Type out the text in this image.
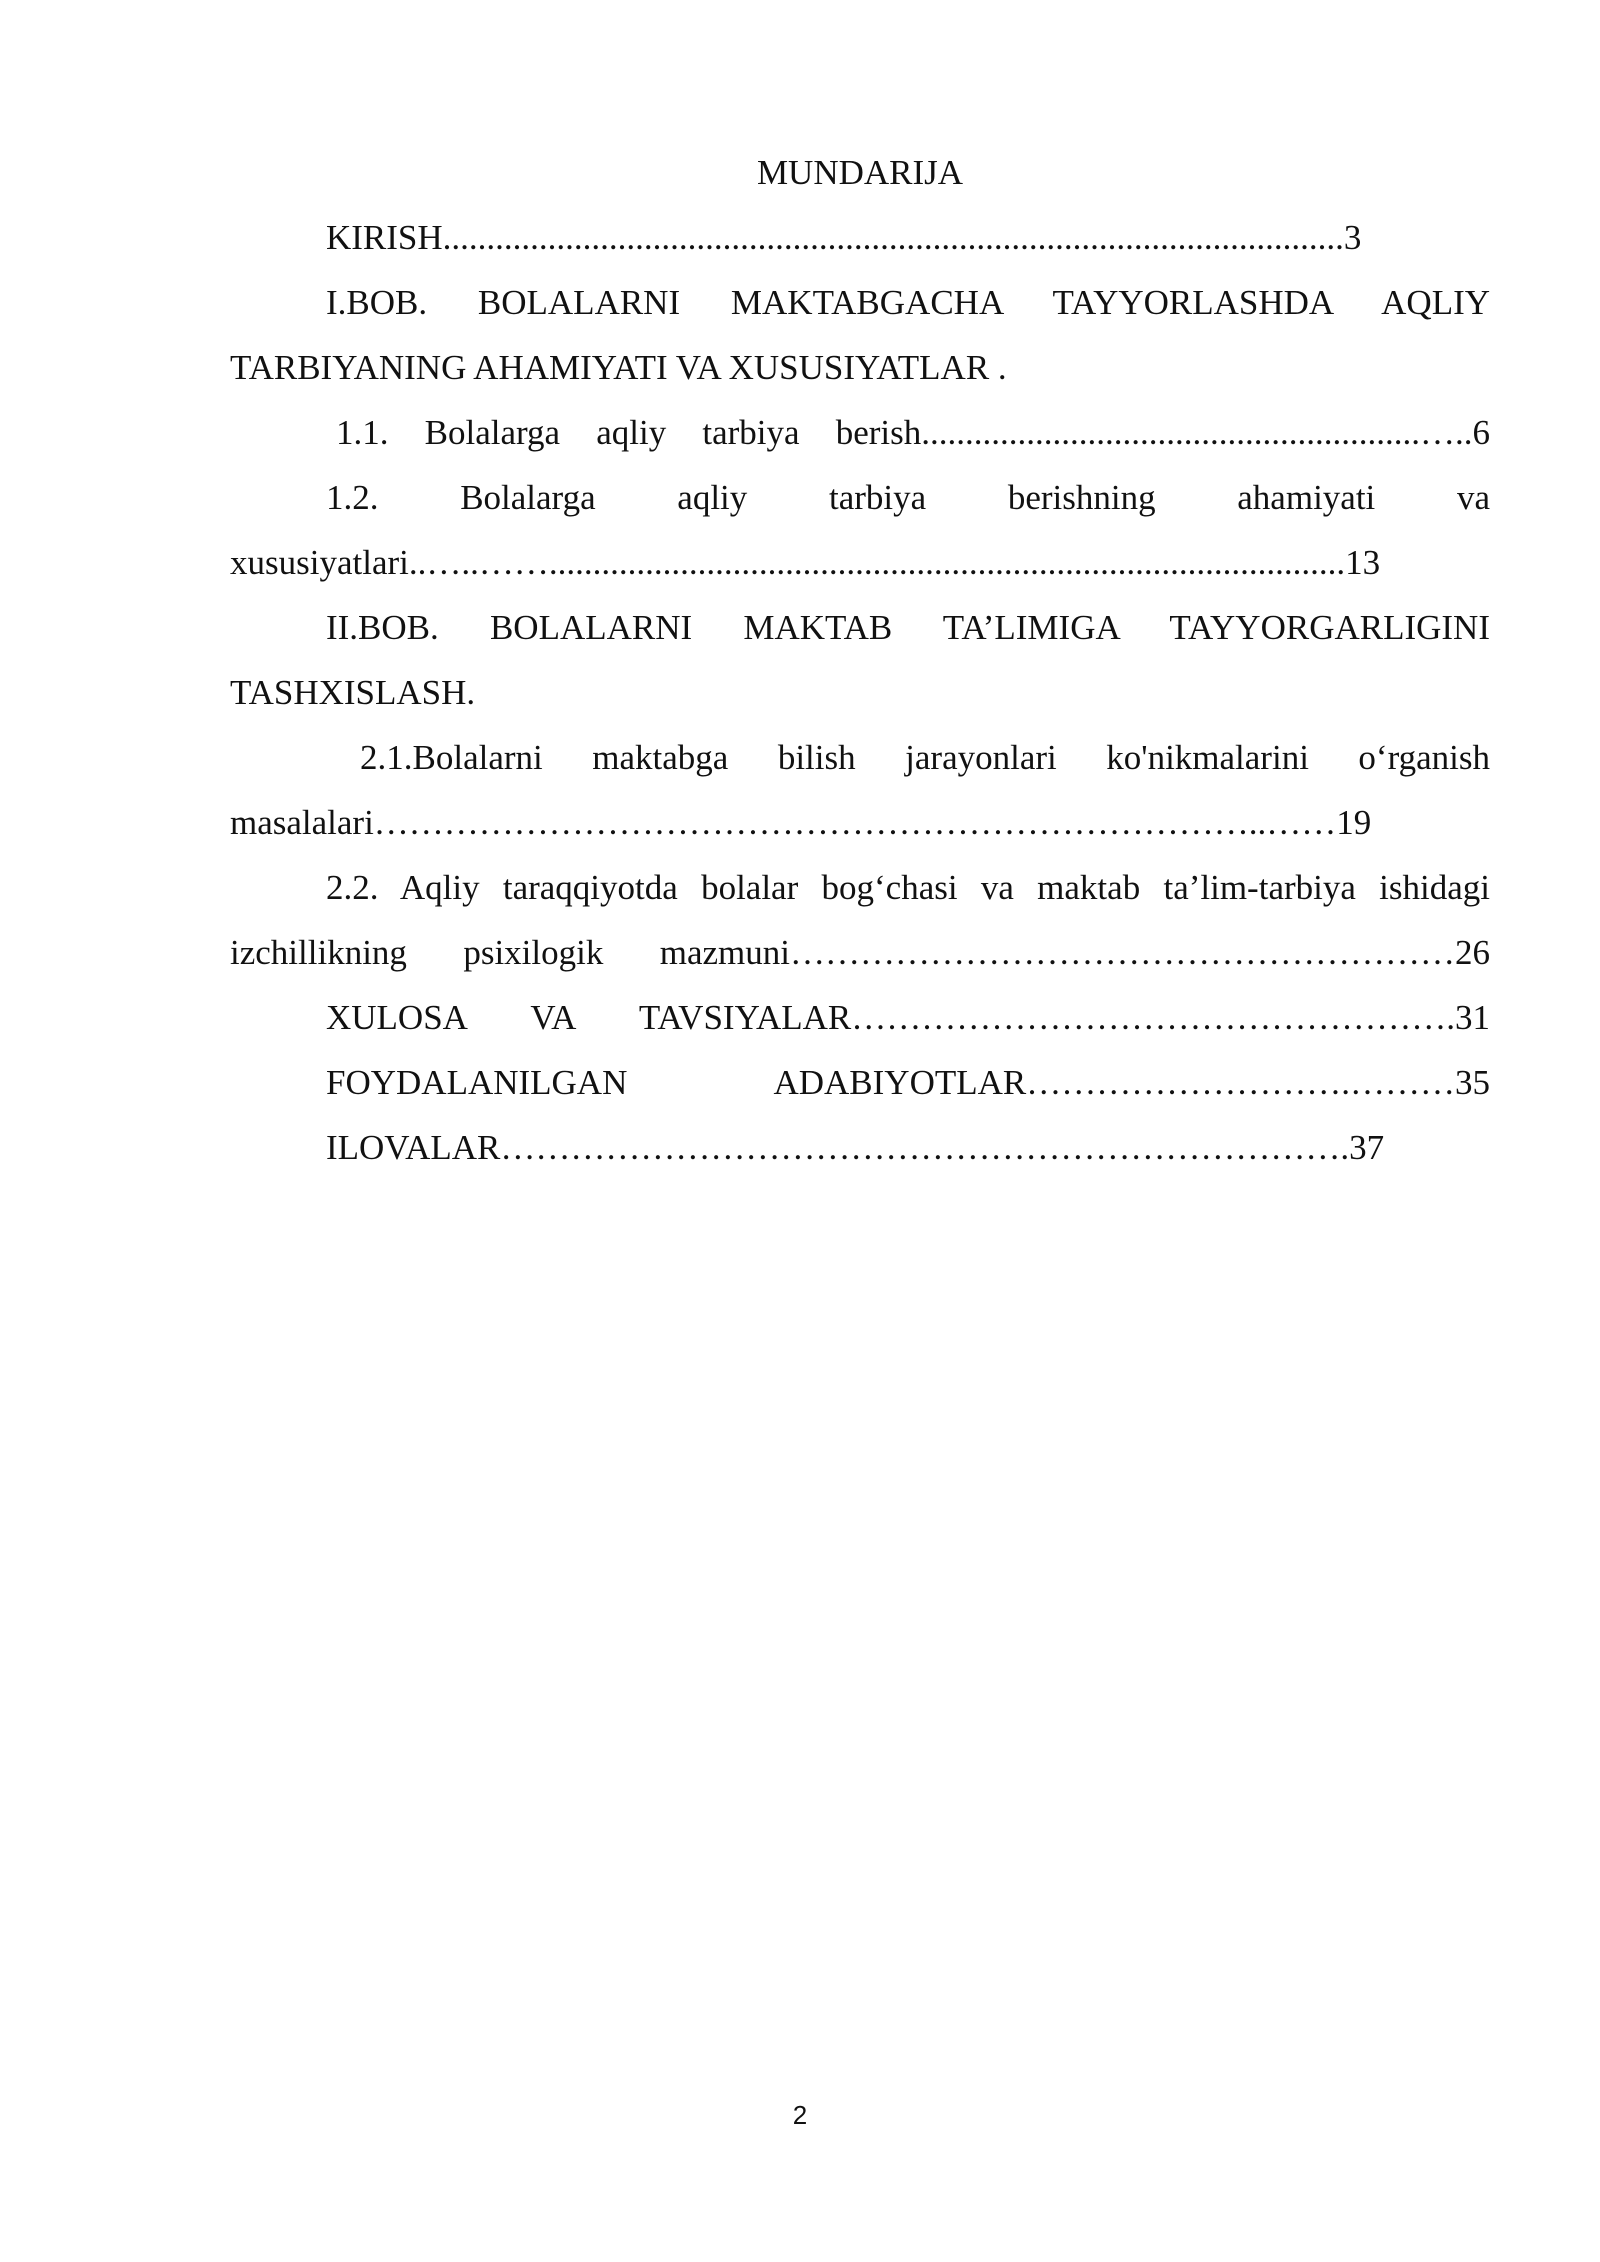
MUNDARIJA
KIRISH.......................................................................................................3
I.BOB. BOLALARNI MAKTABGACHA TAYYORLASHDA AQLIY
TARBIYANING AHAMIYATI VA XUSUSIYATLAR .
1.1. Bolalarga aqliy tarbiya berish.........................................................…..6
1.2. Bolalarga aqliy tarbiya berishning ahamiyati va
xususiyatlari..…..……...........................................................................................13
II.BOB. BOLALARNI MAKTAB TA’LIMIGA TAYYORGARLIGINI
TASHXISLASH.
2.1.Bolalarni maktabga bilish jarayonlari ko'nikmalarini o‘rganish
masalalari…………………………………………………………………..……19
2.2. Aqliy taraqqiyotda bolalar bog‘chasi va maktab ta’lim-tarbiya ishidagi
izchillikning psixilogik mazmuni…………………………………………………26
XULOSA VA TAVSIYALAR…………………………………………….31
FOYDALANILGAN ADABIYOTLAR……………………….………35
ILOVALAR……………………………………………………………….37
2
